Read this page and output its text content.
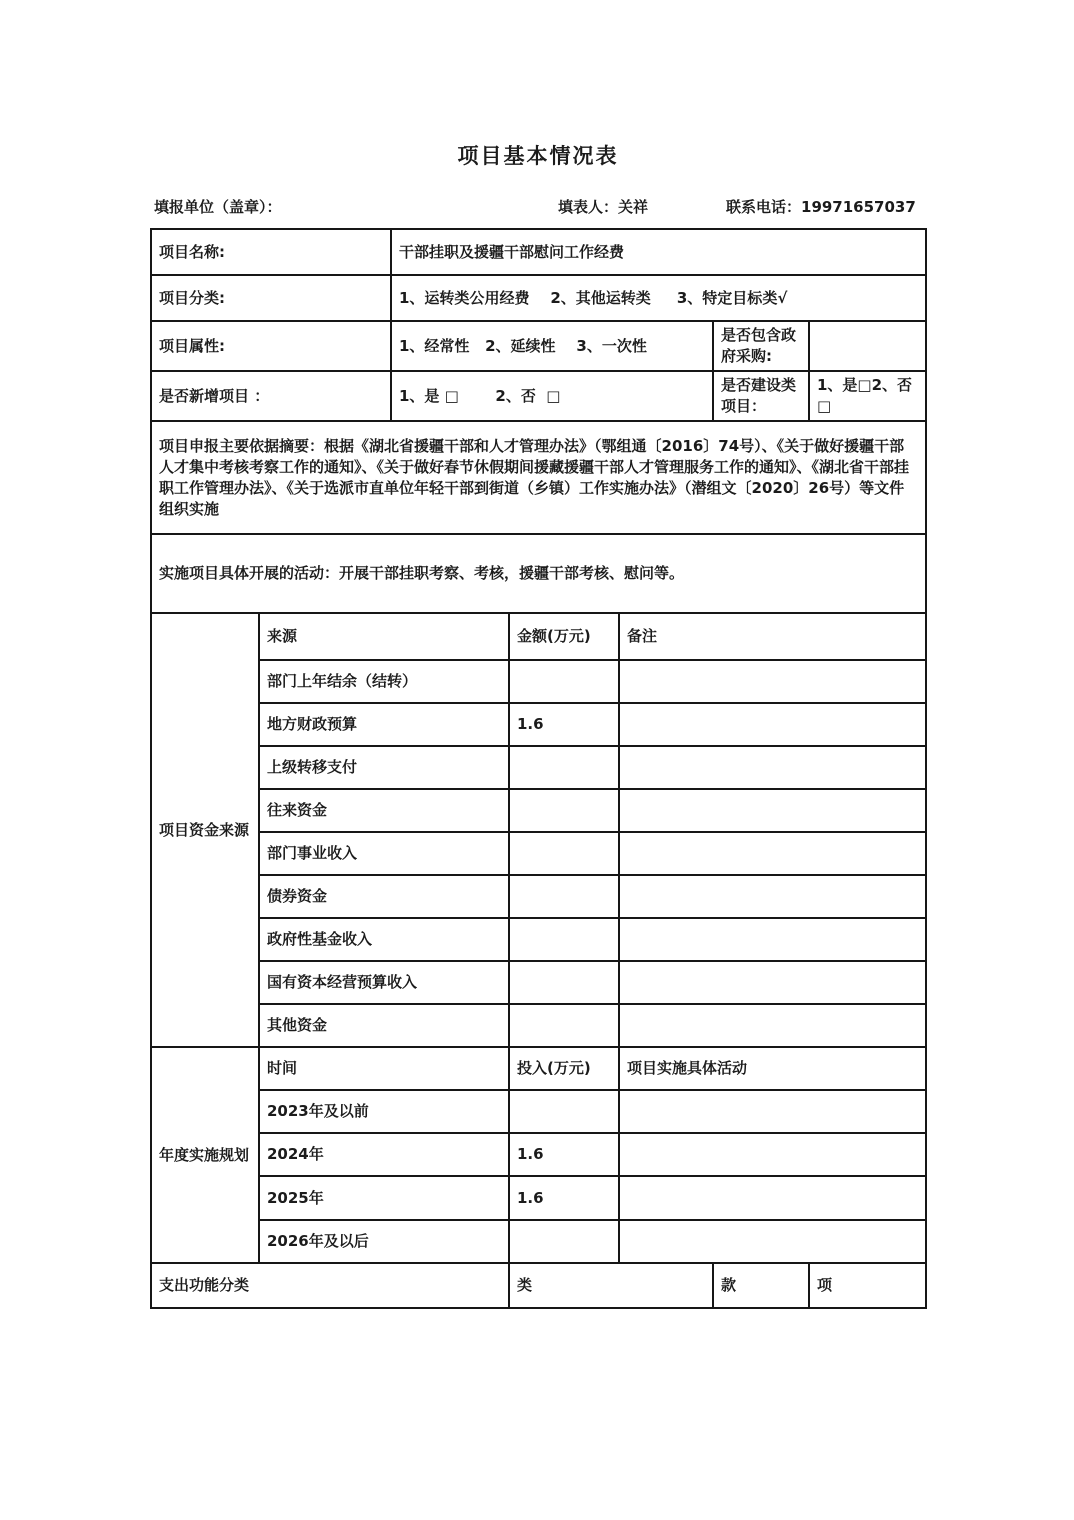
项目基本情况表
填报单位（盖章）：	填表人：关祥	联系电话：19971657037
项目名称:		干部挂职及援疆干部慰问工作经费				
项目分类:		1、运转类公用经费    2、其他运转类     3、特定目标类√				
项目属性:		1、经常性   2、延续性    3、一次性			是否包含政府采购:	
是否新增项目 ：		1、是 □       2、否  □			是否建设类项目：	1、是□2、否□
项目申报主要依据摘要：根据《湖北省援疆干部和人才管理办法》（鄂组通〔2016〕74号）、《关于做好援疆干部人才集中考核考察工作的通知》、《关于做好春节休假期间援藏援疆干部人才管理服务工作的通知》、《湖北省干部挂职工作管理办法》、《关于选派市直单位年轻干部到街道（乡镇）工作实施办法》（潜组文〔2020〕26号）等文件组织实施						
实施项目具体开展的活动：开展干部挂职考察、考核，援疆干部考核、慰问等。						
项目资金来源	来源		金额(万元)	备注		
	部门上年结余（结转）					
	地方财政预算		1.6			
	上级转移支付					
	往来资金					
	部门事业收入					
	债券资金					
	政府性基金收入					
	国有资本经营预算收入					
	其他资金					
年度实施规划	时间		投入(万元)	项目实施具体活动		
	2023年及以前					
	2024年		1.6			
	2025年		1.6			
	2026年及以后					
支出功能分类			类		款	项
